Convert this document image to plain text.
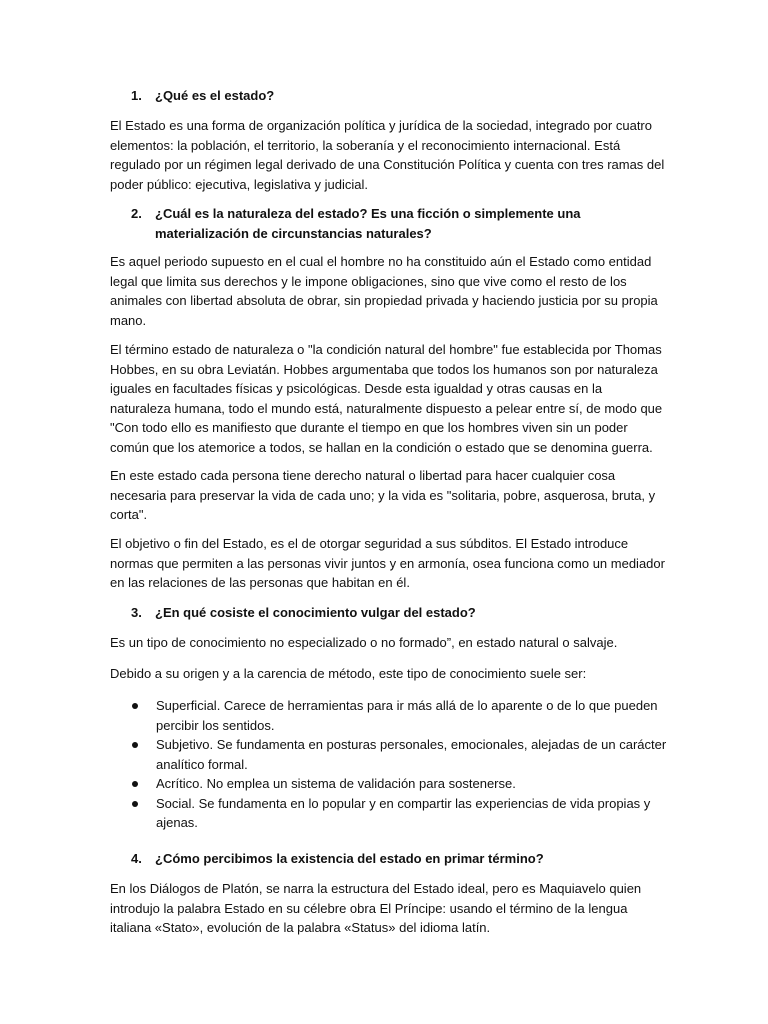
1. ¿Qué es el estado?

El Estado es una forma de organización política y jurídica de la sociedad, integrado por cuatro elementos: la población, el territorio, la soberanía y el reconocimiento internacional. Está regulado por un régimen legal derivado de una Constitución Política y cuenta con tres ramas del poder público: ejecutiva, legislativa y judicial.

2. ¿Cuál es la naturaleza del estado? Es una ficción o simplemente una materialización de circunstancias naturales?

Es aquel periodo supuesto en el cual el hombre no ha constituido aún el Estado como entidad legal que limita sus derechos y le impone obligaciones, sino que vive como el resto de los animales con libertad absoluta de obrar, sin propiedad privada y haciendo justicia por su propia mano.

El término estado de naturaleza o "la condición natural del hombre" fue establecida por Thomas Hobbes, en su obra Leviatán. Hobbes argumentaba que todos los humanos son por naturaleza iguales en facultades físicas y psicológicas. Desde esta igualdad y otras causas en la naturaleza humana, todo el mundo está, naturalmente dispuesto a pelear entre sí, de modo que "Con todo ello es manifiesto que durante el tiempo en que los hombres viven sin un poder común que los atemorice a todos, se hallan en la condición o estado que se denomina guerra.

En este estado cada persona tiene derecho natural o libertad para hacer cualquier cosa necesaria para preservar la vida de cada uno; y la vida es "solitaria, pobre, asquerosa, bruta, y corta".

El objetivo o fin del Estado, es el de otorgar seguridad a sus súbditos. El Estado introduce normas que permiten a las personas vivir juntos y en armonía, osea funciona como un mediador en las relaciones de las personas que habitan en él.

3. ¿En qué cosiste el conocimiento vulgar del estado?

Es un tipo de conocimiento no especializado o no formado”, en estado natural o salvaje.

Debido a su origen y a la carencia de método, este tipo de conocimiento suele ser:

Superficial. Carece de herramientas para ir más allá de lo aparente o de lo que pueden percibir los sentidos.
Subjetivo. Se fundamenta en posturas personales, emocionales, alejadas de un carácter analítico formal.
Acrítico. No emplea un sistema de validación para sostenerse.
Social. Se fundamenta en lo popular y en compartir las experiencias de vida propias y ajenas.
4. ¿Cómo percibimos la existencia del estado en primar término?

En los Diálogos de Platón, se narra la estructura del Estado ideal, pero es Maquiavelo quien introdujo la palabra Estado en su célebre obra El Príncipe: usando el término de la lengua italiana «Stato», evolución de la palabra «Status» del idioma latín.
